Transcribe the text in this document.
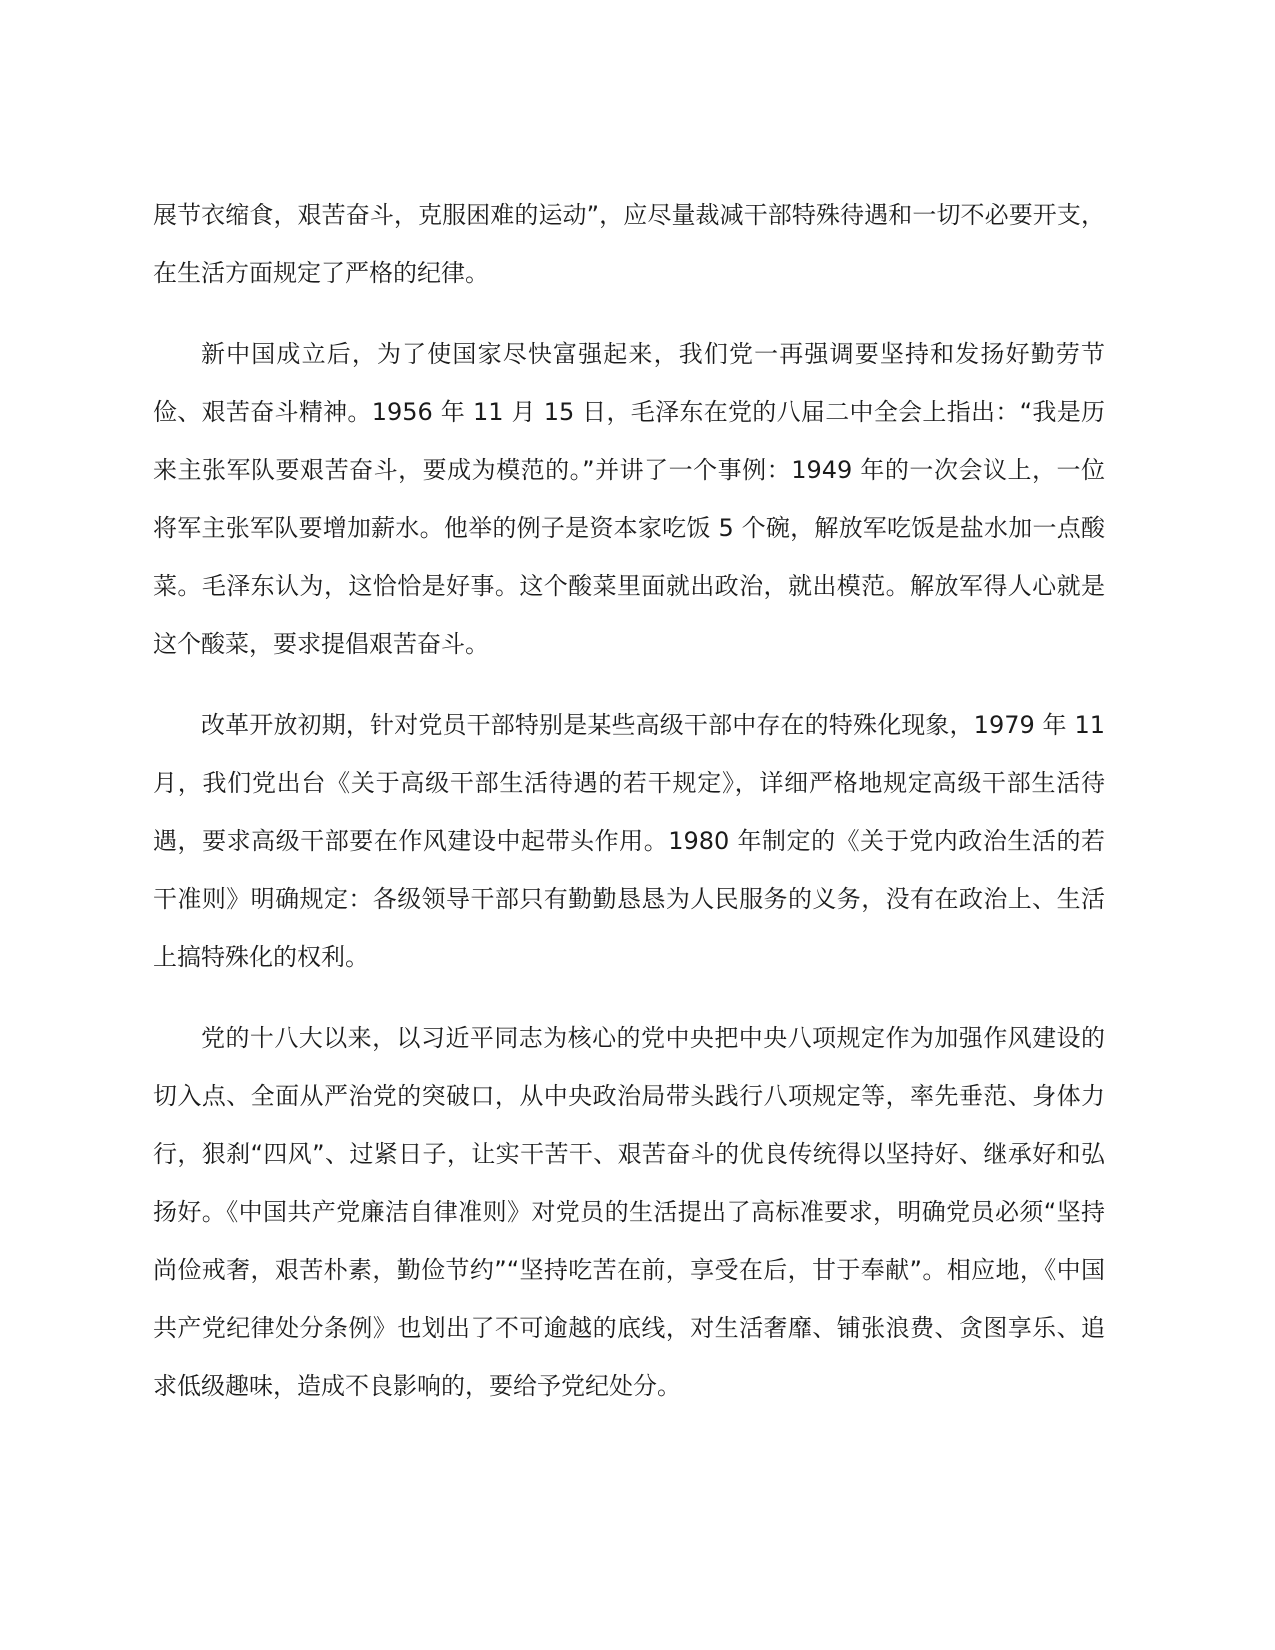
展节衣缩食，艰苦奋斗，克服困难的运动”，应尽量裁减干部特殊待遇和一切不必要开支，在生活方面规定了严格的纪律。

新中国成立后，为了使国家尽快富强起来，我们党一再强调要坚持和发扬好勤劳节俭、艰苦奋斗精神。1956 年 11 月 15 日，毛泽东在党的八届二中全会上指出：“我是历来主张军队要艰苦奋斗，要成为模范的。”并讲了一个事例：1949 年的一次会议上，一位将军主张军队要增加薪水。他举的例子是资本家吃饭 5 个碗，解放军吃饭是盐水加一点酸菜。毛泽东认为，这恰恰是好事。这个酸菜里面就出政治，就出模范。解放军得人心就是这个酸菜，要求提倡艰苦奋斗。

改革开放初期，针对党员干部特别是某些高级干部中存在的特殊化现象，1979 年 11 月，我们党出台《关于高级干部生活待遇的若干规定》，详细严格地规定高级干部生活待遇，要求高级干部要在作风建设中起带头作用。1980 年制定的《关于党内政治生活的若干准则》明确规定：各级领导干部只有勤勤恳恳为人民服务的义务，没有在政治上、生活上搞特殊化的权利。

党的十八大以来，以习近平同志为核心的党中央把中央八项规定作为加强作风建设的切入点、全面从严治党的突破口，从中央政治局带头践行八项规定等，率先垂范、身体力行，狠刹“四风”、过紧日子，让实干苦干、艰苦奋斗的优良传统得以坚持好、继承好和弘扬好。《中国共产党廉洁自律准则》对党员的生活提出了高标准要求，明确党员必须“坚持尚俭戒奢，艰苦朴素，勤俭节约”“坚持吃苦在前，享受在后，甘于奉献”。相应地，《中国共产党纪律处分条例》也划出了不可逾越的底线，对生活奢靡、铺张浪费、贪图享乐、追求低级趣味，造成不良影响的，要给予党纪处分。
